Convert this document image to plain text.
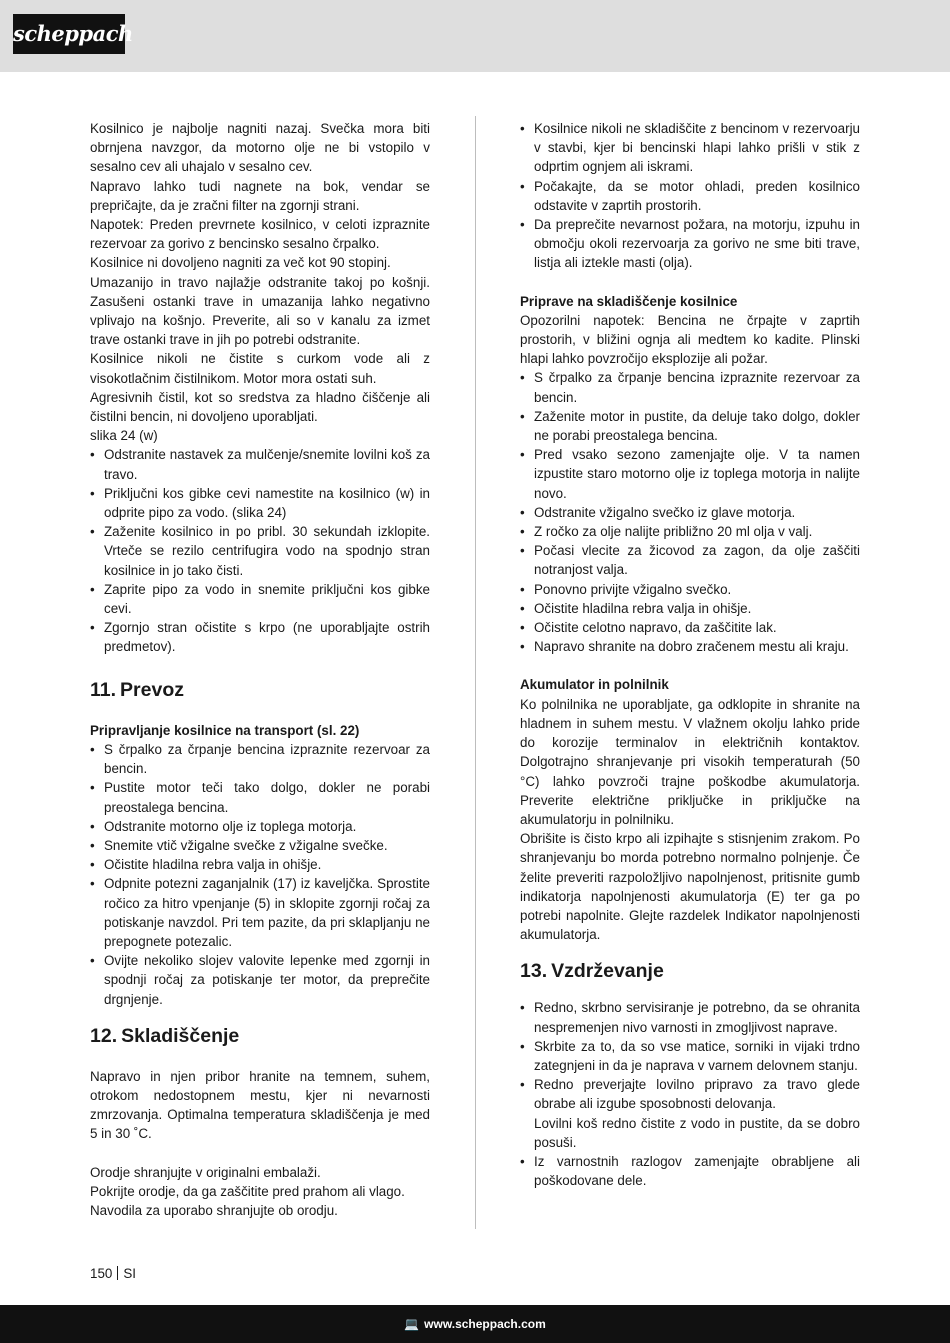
scheppach

Kosilnico je najbolje nagniti nazaj. Svečka mora biti obrnjena navzgor, da motorno olje ne bi vstopilo v sesalno cev ali uhajalo v sesalno cev.

Napravo lahko tudi nagnete na bok, vendar se prepričajte, da je zračni filter na zgornji strani.

Napotek: Preden prevrnete kosilnico, v celoti izpraznite rezervoar za gorivo z bencinsko sesalno črpalko.

Kosilnice ni dovoljeno nagniti za več kot 90 stopinj.

Umazanijo in travo najlažje odstranite takoj po košnji. Zasušeni ostanki trave in umazanija lahko negativno vplivajo na košnjo. Preverite, ali so v kanalu za izmet trave ostanki trave in jih po potrebi odstranite.

Kosilnice nikoli ne čistite s curkom vode ali z visokotlačnim čistilnikom. Motor mora ostati suh.

Agresivnih čistil, kot so sredstva za hladno čiščenje ali čistilni bencin, ni dovoljeno uporabljati.

slika 24 (w)

• Odstranite nastavek za mulčenje/snemite lovilni koš za travo.
• Priključni kos gibke cevi namestite na kosilnico (w) in odprite pipo za vodo. (slika 24)
• Zaženite kosilnico in po pribl. 30 sekundah izklopite. Vrteče se rezilo centrifugira vodo na spodnjo stran kosilnice in jo tako čisti.
• Zaprite pipo za vodo in snemite priključni kos gibke cevi.
• Zgornjo stran očistite s krpo (ne uporabljajte ostrih predmetov).
11. Prevoz

Pripravljanje kosilnice na transport (sl. 22)

• S črpalko za črpanje bencina izpraznite rezervoar za bencin.
• Pustite motor teči tako dolgo, dokler ne porabi preostalega bencina.
• Odstranite motorno olje iz toplega motorja.
• Snemite vtič vžigalne svečke z vžigalne svečke.
• Očistite hladilna rebra valja in ohišje.
• Odpnite potezni zaganjalnik (17) iz kaveljčka. Sprostite ročico za hitro vpenjanje (5) in sklopite zgornji ročaj za potiskanje navzdol. Pri tem pazite, da pri sklapljanju ne prepognete potezalic.
• Ovijte nekoliko slojev valovite lepenke med zgornji in spodnji ročaj za potiskanje ter motor, da preprečite drgnjenje.
12. Skladiščenje

Napravo in njen pribor hranite na temnem, suhem, otrokom nedostopnem mestu, kjer ni nevarnosti zmrzovanja. Optimalna temperatura skladiščenja je med 5 in 30 ˚C.

Orodje shranjujte v originalni embalaži.

Pokrijte orodje, da ga zaščitite pred prahom ali vlago.

Navodila za uporabo shranjujte ob orodju.

• Kosilnice nikoli ne skladiščite z bencinom v rezervoarju v stavbi, kjer bi bencinski hlapi lahko prišli v stik z odprtim ognjem ali iskrami.
• Počakajte, da se motor ohladi, preden kosilnico odstavite v zaprtih prostorih.
• Da preprečite nevarnost požara, na motorju, izpuhu in območju okoli rezervoarja za gorivo ne sme biti trave, listja ali iztekle masti (olja).

Priprave na skladiščenje kosilnice

Opozorilni napotek: Bencina ne črpajte v zaprtih prostorih, v bližini ognja ali medtem ko kadite. Plinski hlapi lahko povzročijo eksplozije ali požar.

• S črpalko za črpanje bencina izpraznite rezervoar za bencin.
• Zaženite motor in pustite, da deluje tako dolgo, dokler ne porabi preostalega bencina.
• Pred vsako sezono zamenjajte olje. V ta namen izpustite staro motorno olje iz toplega motorja in nalijte novo.
• Odstranite vžigalno svečko iz glave motorja.
• Z ročko za olje nalijte približno 20 ml olja v valj.
• Počasi vlecite za žicovod za zagon, da olje zaščiti notranjost valja.
• Ponovno privijte vžigalno svečko.
• Očistite hladilna rebra valja in ohišje.
• Očistite celotno napravo, da zaščitite lak.
• Napravo shranite na dobro zračenem mestu ali kraju.

Akumulator in polnilnik

Ko polnilnika ne uporabljate, ga odklopite in shranite na hladnem in suhem mestu. V vlažnem okolju lahko pride do korozije terminalov in električnih kontaktov. Dolgotrajno shranjevanje pri visokih temperaturah (50 °C) lahko povzroči trajne poškodbe akumulatorja. Preverite električne priključke in priključke na akumulatorju in polnilniku.

Obrišite is čisto krpo ali izpihajte s stisnjenim zrakom. Po shranjevanju bo morda potrebno normalno polnjenje. Če želite preveriti razpoložljivo napolnjenost, pritisnite gumb indikatorja napolnjenosti akumulatorja (E) ter ga po potrebi napolnite. Glejte razdelek Indikator napolnjenosti akumulatorja.

13. Vzdrževanje
• Redno, skrbno servisiranje je potrebno, da se ohranita nespremenjen nivo varnosti in zmogljivost naprave.
• Skrbite za to, da so vse matice, sorniki in vijaki trdno zategnjeni in da je naprava v varnem delovnem stanju.
• Redno preverjajte lovilno pripravo za travo glede obrabe ali izgube sposobnosti delovanja.

Lovilni koš redno čistite z vodo in pustite, da se dobro posuši.

• Iz varnostnih razlogov zamenjajte obrabljene ali poškodovane dele.
150 SI
💻 www.scheppach.com
